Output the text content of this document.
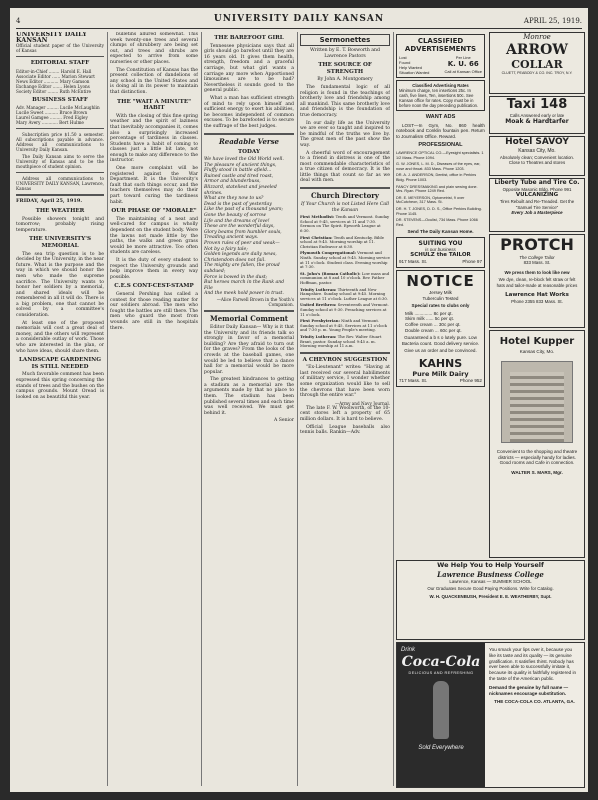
4	UNIVERSITY DAILY KANSAN	APRIL 25, 1919.
UNIVERSITY DAILY KANSAN
Official student paper of the University of Kansas
EDITORIAL STAFF
Editor-in-Chief ........ Harold E. Hall
Associate Editor ...... Marion Stewart
News Editor ........... Mary Gamson
Exchange Editor ....... Helen Lyons
Society Editor ........ Ruth McEntire
BUSINESS STAFF
Adv. Manager ......... Lucile McLaughlin
Lucile Sweet .......... Bruce Brown
Laurel Gamgee ......... Fred Eigley
Mary Avery ............ Bert Hulme

Subscription price $1.50 a semester. All subscriptions payable in advance. Address all communications to University Daily Kansan.

The Daily Kansan aims to serve the University of Kansas and to be the mouthpiece of student opinion.

Address all communications to UNIVERSITY DAILY KANSAN, Lawrence, Kansas

FRIDAY, April 25, 1919.
THE WEATHER

Possible showers tonight and tomorrow; probably rising temperature.

THE UNIVERSITY'S MEMORIAL

The sea trip question is to be decided by the University, in the near future. What is the purpose and the way in which we should honor the men who made the supreme sacrifice. The University wants to honor her soldiers by a memorial, and shared ideals will be remembered in all it will do. There is a big problem, one that cannot be solved by a committee's consideration.

At least one of the proposed memorials will cost a great deal of money, and the others will represent a considerable outlay of work. Those who are interested in the plan, or who have ideas, should share them.

LANDSCAPE GARDENING IS STILL NEEDED

Much favorable comment has been expressed this spring concerning the stands of trees and the bushes on the campus grounds. Mount Oread is looked on as beautiful this year.

bulletins allured somewhat. This week twenty-one trees and several clumps of shrubbery are being set out, and trees and shrubs are expected to arrive from some nurseries or other places.

The Constitution of Kansas has the present collection of dandelions of any school in the United States and is doing all in its power to maintain that distinction.

THE "WAIT A MINUTE" HABIT

With the closing of this fine spring weather and the spirit of laziness that inevitably accompanies it, comes also a surprisingly increased percentage of tardiness in classes. Students have a habit of coming to classes just a little bit late, not enough to make any difference to the instructor.

One more complaint will be registered against the War Department. It is the University's fault that such things occur, and the teachers themselves may do their part toward curing the tardiness habit.

OUR PHASE OF "MORALE"

The maintaining of a neat and well-cared for campus is wholly dependent on the student body. Were the lawns not made little by the paths, the walks and green grass would be more attractive. Too often students are careless.

It is the duty of every student to respect the University grounds and help improve them in every way possible.

C.E.S CONT-CEST-STAMP

General Pershing has called a contest for those reading matter for our soldiers abroad. The men who fought the battles are still there. The men who guard the most from wounds are still in the hospitals there.

THE BAREFOOT GIRL

Tennessee physicians says that all girls should go barefoot until they are 16 years old. It gives them health, strength, freedom and a graceful carriage, but what girl wants a carriage any more when Apportioned limousines are to be had? Nevertheless it sounds good to the general public.

What a man has sufficient strength of mind to rely upon himself and sufficient energy to exert his abilities, he becomes independent of common excuses. To be barefooted is to secure the suffrage of the best judges.

Readable Verse
TODAY
We have loved the Old World well.
The pleasure of ancient things,
Fluffy stood in battle afield...
Ruined castle and tired roast,
Armor and blunderbuss,
Blizzard, stateliest and jeweled shrines.
What are they now to us?
Dead is the past of yesterday
Like the past of a thousand years;
Gone the beauty of sorrow
Life and the dreams of love!
These are the wonderful days,
Glory beams from humbler souls,
Treading ancient ways.
Proven rules of peer and weak—
Not by a fairy tale;
Golden legends are daily news,
Christendom does not fail.
The mighty are fallen, the proud subdued;
Force is bowed in the dust;
But heroes march in the Rank and File
And the meek hold power in trust.
—Alice Farwell Brown in the Youth's Companion.
Memorial Comment

Editor Daily Kansan— Why is it that the University and its friends talk so strongly in favor of a memorial building? Are they afraid to turn out for the graves? From the looks of the crowds at the baseball games, one would be led to believe that a dance hall for a memorial would be more popular.

The greatest hindrances to getting a stadium as a memorial are the arguments made by that no place to them. The stadium has been published several times and each time was well received. We must get behind it.

A Senior
Sermonettes
Written by E. T. Bosworth and Lawrence Pastors
THE SOURCE OF STRENGTH
By John A. Montgomery

The fundamental logic of all religion is found in the teachings of brotherly love and friendship among all mankind. This same brotherly love and friendship is the foundation of true democracy.

In our daily life as the University we are ever so taught and inspired to be mindful of the truths we live by. The great men of the past show the way.

A cheerful word of encouragement to a friend in distress is one of the most commendable characteristics of a true citizen of democracy. It is the little things that count so far as we deal with men.

Church Directory
If Your Church is not Listed Here Call the Kansan
First Methodist: Tenth and Vermont. Sunday School at 9:45, services at 11 and 7:30. Sermon on The Spirit. Epworth League at 6:30.
First Christian: Tenth and Kentucky. Bible school at 9:45. Morning worship at 11. Christian Endeavor at 6:30.
Plymouth Congregational: Vermont and Ninth. Sunday school at 9:45. Morning service at 11 o'clock. Student class. Evening worship at 7:30.
St. John's (Roman Catholic): Low mass and communion at 8 and 10 o'clock. Rev. Father Hoffman, pastor.
Trinity Lutheran: Thirteenth and New Hampshire. Sunday school at 9:45. Morning services at 11 o'clock. Luther League at 6:30.
United Brethren: Seventeenth and Vermont. Sunday school at 9:30. Preaching services at 11 o'clock.
First Presbyterian: Ninth and Vermont. Sunday school at 9:45. Services at 11 o'clock and 7:30 p. m. Young People's meeting.
Trinity Lutheran: The Rev. Walter Stuart Brant, pastor. Sunday school 9:45 a. m. Morning worship at 11 a.m.
A CHEVRON SUGGESTION

"Ex-Lieutenant" writes: "Having at last received our several habiliments of military service, I wonder whether some organization would like to sell the chevrons that have been worn through the entire war."

—Army and Navy Journal.

The late F. W. Woolworth, of the 10-cent stores left a property of 65 million dollars. It is hard to believe.

Official League baseballs also tennis balls. Rankin—Adv.

CLASSIFIED ADVERTISEMENTS
Lost
Found
Help Wanted
Situation Wanted
Per Line
K. U. 66
Call at Kansan Office
Classified Advertising Rates
Minimum charge, ten insertions 25c. In cash, five lines, Ten, insertions 50c. See Kansan office for rates. Copy must be in before noon the day preceding publication.
WANT ADS

LOST—In Gym, No. 860 health notebook and Conklin fountain pen. Return to Journalism Office. Reward.

PROFESSIONAL
LAWRENCE OPTICAL CO.—Eyesight specialists. 1 1/2 Mass. Phone 1094.
G. W. JONES, L. M. D., Diseases of the eyes, ear, nose and throat. 833 Mass. Phone 1203.
DR. A. J. ANDERSON, Dentist, office in Perkins Bldg. Phone 1003.
FANCY DRESSMAKING and plain sewing done. Mrs. Ryan. Phone 1249 Red.
DR. E. MEYERSON, Optometrist, 9 over McCutcheon, 317 Mass. St.
DR. H. T. JONES, D. D. S., Office Perkins Building. Phone 1145.
DR. STEVENS—Oculist, 734 Mass. Phone 1066 Red.
Send The Daily Kansan Home.
SUITING YOU
is our business
SCHULZ the TAILOR
917 Mass. St.	Phone 97
NOTICE
Jersey Milk
Tuberculin Tested
Special rates to clubs only
Milk .............. 8c per qt.
Skim milk ...... 5c per qt.
Coffee cream ... 30c per qt.
Double cream ... 60c per qt.
Guaranteed a b s o lutely pure. Low Bacteria count. Good delivery service.
Give us an order and be convinced.
KAHNS
Pure Milk Dairy
717 Mass. St.	Phone 952
We Help You to Help Yourself
Lawrence Business College
Lawrence, Kansas — SUMMER SCHOOL
Our Graduates Secure Good Paying Positions. Write for Catalog.
W. H. QUACKENBUSH, President E. E. WEATHERBY, Supt.
Drink
Coca-Cola
DELICIOUS AND REFRESHING
Sold Everywhere
You smack your lips over it, because you like its taste and its quality — its genuine gratification. It satisfies thirst. Nobody has ever been able to successfully imitate it, because its quality is faithfully registered in the taste of the American public.
Demand the genuine by full name — nicknames encourage substitution.
THE COCA-COLA CO. ATLANTA, GA.
Monroe
ARROW
COLLAR
CLUETT, PEABODY & CO. INC. TROY, N.Y.
Taxi 148
Calls Answered early or late
Moak & Hardtarfer
Hotel SAVOY
Kansas City, Mo.
Absolutely clean; Convenient location. Close to Theatres and stores
Liberty Tube and Tire Co.
Opposite Masonic Bldg. Phone 991
VULCANIZING
Tires Rebuilt and Re-Treaded. Get the "Samuel Tire Service"
Every Job a Masterpiece
PROTCH
The College Tailor
833 Mass. St.
We press them to look like new
We dye, clean, re-block felt straw or felt hats and tailor-made at reasonable prices
Lawrence Hat Works
Phone 2355 833 Mass. St.
Hotel Kupper
Kansas City, Mo.
Convenient to the shopping and theatre districts — especially handy for ladies. Good rooms and Cafe in connection.
WALTER S. MARS, Mgr.
